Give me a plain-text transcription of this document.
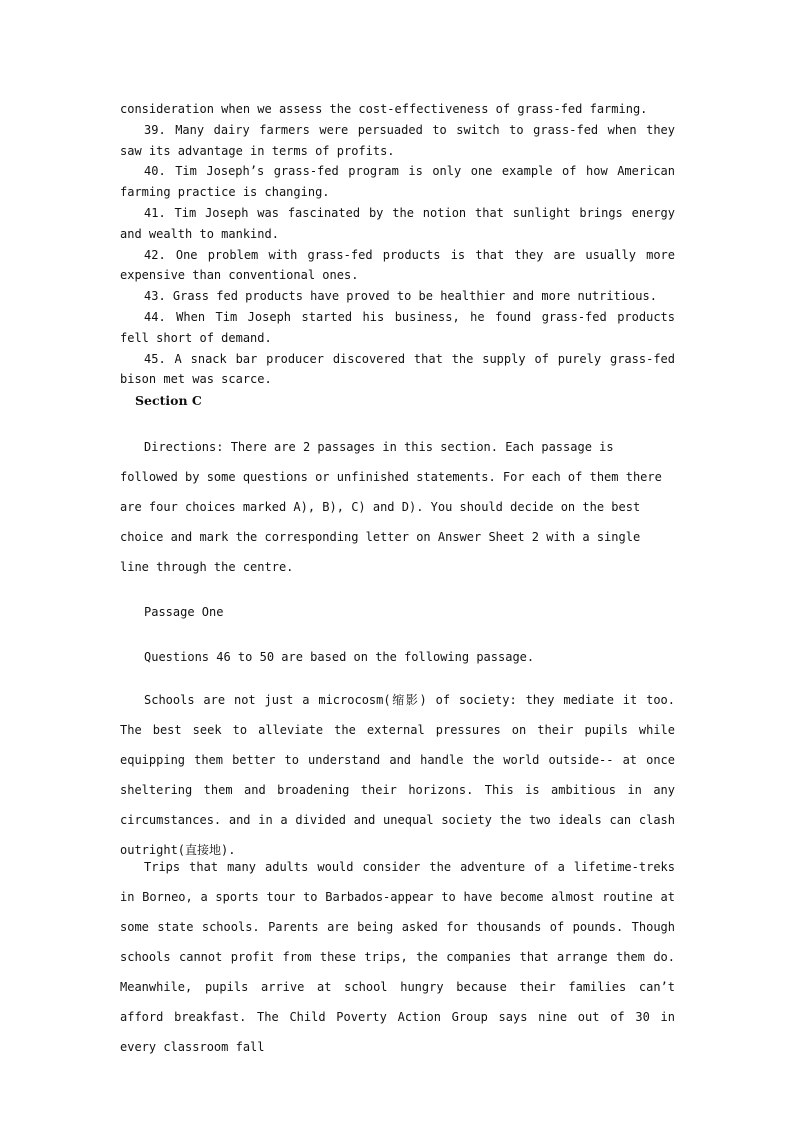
consideration when we assess the cost-effectiveness of grass-fed farming.

39. Many dairy farmers were persuaded to switch to grass-fed when they saw its advantage in terms of profits.

40. Tim Joseph’s grass-fed program is only one example of how American farming practice is changing.

41. Tim Joseph was fascinated by the notion that sunlight brings energy and wealth to mankind.

42. One problem with grass-fed products is that they are usually more expensive than conventional ones.

43. Grass fed products have proved to be healthier and more nutritious.

44. When Tim Joseph started his business, he found grass-fed products fell short of demand.

45. A snack bar producer discovered that the supply of purely grass-fed bison met was scarce.

Section C

Directions: There are 2 passages in this section. Each passage is followed by some questions or unfinished statements. For each of them there are four choices marked A), B), C) and D). You should decide on the best choice and mark the corresponding letter on Answer Sheet 2 with a single line through the centre.

Passage One

Questions 46 to 50 are based on the following passage.

Schools are not just a microcosm(缩影) of society: they mediate it too. The best seek to alleviate the external pressures on their pupils while equipping them better to understand and handle the world outside-- at once sheltering them and broadening their horizons. This is ambitious in any circumstances. and in a divided and unequal society the two ideals can clash outright(直接地).

Trips that many adults would consider the adventure of a lifetime-treks in Borneo, a sports tour to Barbados-appear to have become almost routine at some state schools. Parents are being asked for thousands of pounds. Though schools cannot profit from these trips, the companies that arrange them do. Meanwhile, pupils arrive at school hungry because their families can’t afford breakfast. The Child Poverty Action Group says nine out of 30 in every classroom fall
